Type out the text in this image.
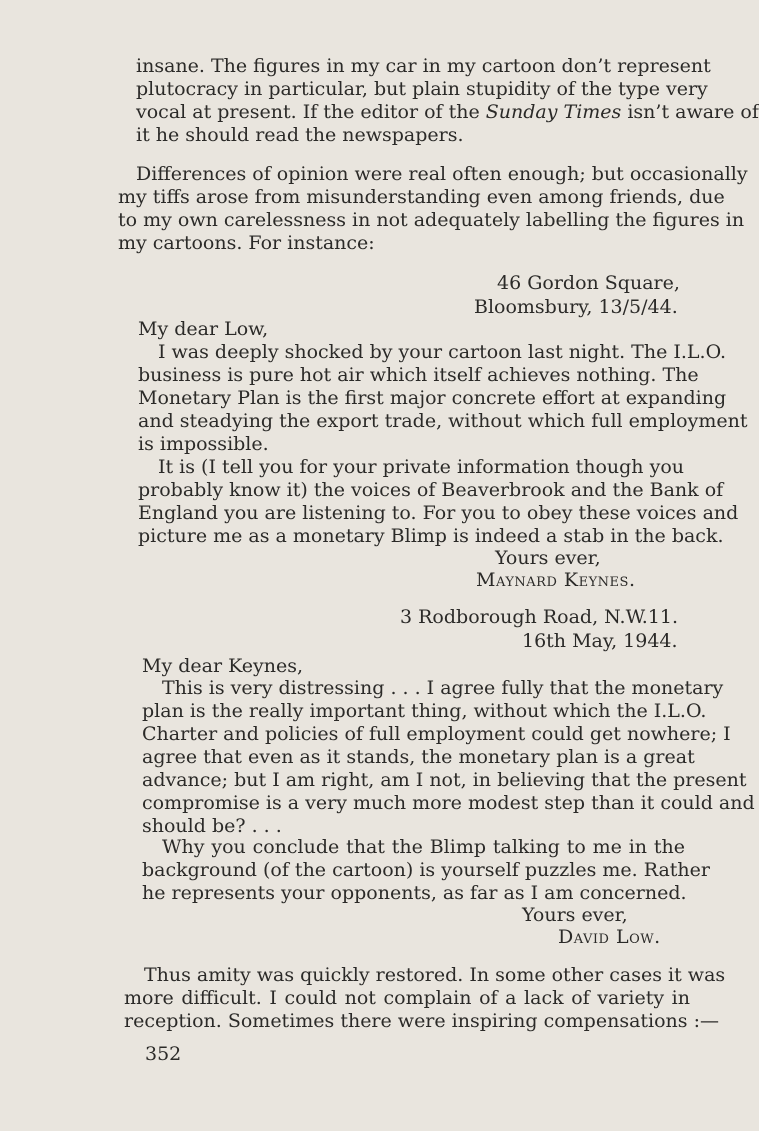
insane. The figures in my car in my cartoon don’t represent
plutocracy in particular, but plain stupidity of the type very
vocal at present. If the editor of the Sunday Times isn’t aware of
it he should read the newspapers.
Differences of opinion were real often enough; but occasionally
my tiffs arose from misunderstanding even among friends, due
to my own carelessness in not adequately labelling the figures in
my cartoons. For instance:
46 Gordon Square,
Bloomsbury, 13/5/44.
My dear Low,
I was deeply shocked by your cartoon last night. The I.L.O.
business is pure hot air which itself achieves nothing. The
Monetary Plan is the first major concrete effort at expanding
and steadying the export trade, without which full employment
is impossible.
It is (I tell you for your private information though you
probably know it) the voices of Beaverbrook and the Bank of
England you are listening to. For you to obey these voices and
picture me as a monetary Blimp is indeed a stab in the back.
Yours ever,
Maynard Keynes.
3 Rodborough Road, N.W.11.
16th May, 1944.
My dear Keynes,
This is very distressing . . . I agree fully that the monetary
plan is the really important thing, without which the I.L.O.
Charter and policies of full employment could get nowhere; I
agree that even as it stands, the monetary plan is a great
advance; but I am right, am I not, in believing that the present
compromise is a very much more modest step than it could and
should be? . . .
Why you conclude that the Blimp talking to me in the
background (of the cartoon) is yourself puzzles me. Rather
he represents your opponents, as far as I am concerned.
Yours ever,
David Low.
Thus amity was quickly restored. In some other cases it was
more difficult. I could not complain of a lack of variety in
reception. Sometimes there were inspiring compensations :—
352
